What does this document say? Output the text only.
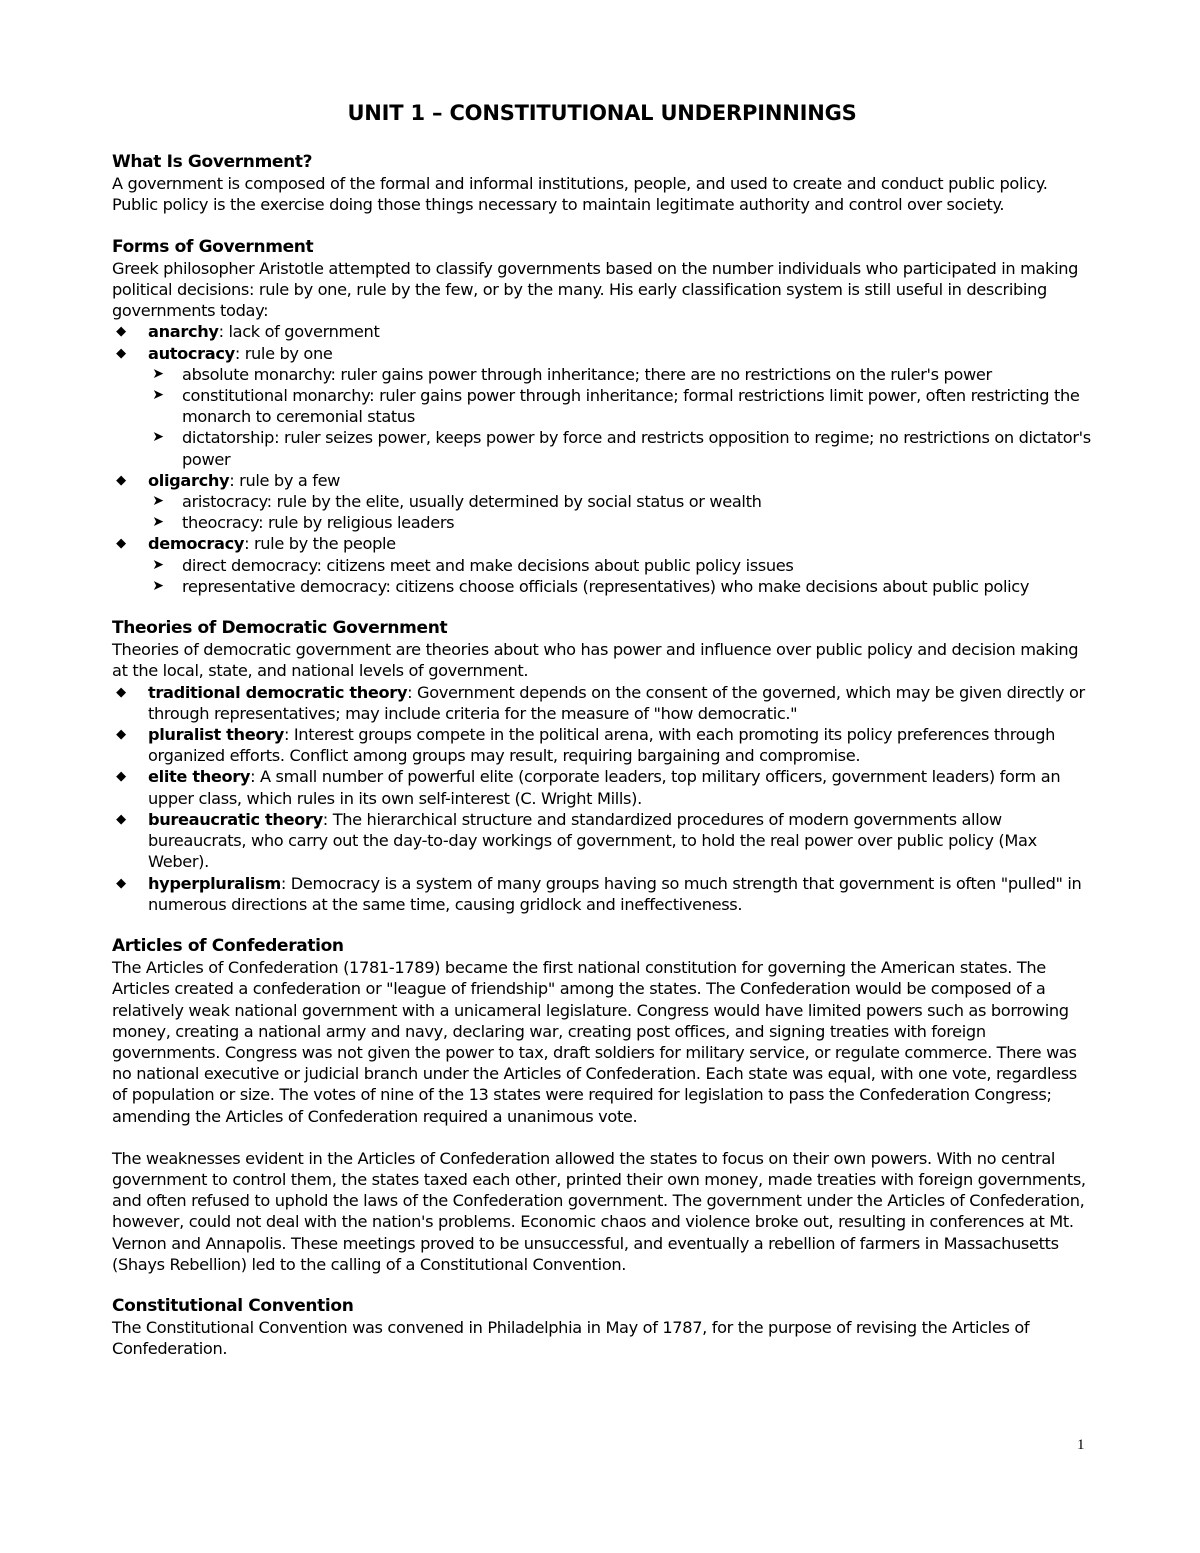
UNIT 1 – CONSTITUTIONAL UNDERPINNINGS

What Is Government?

A government is composed of the formal and informal institutions, people, and used to create and conduct public policy.

Public policy is the exercise doing those things necessary to maintain legitimate authority and control over society.

Forms of Government

Greek philosopher Aristotle attempted to classify governments based on the number individuals who participated in making political decisions: rule by one, rule by the few, or by the many. His early classification system is still useful in describing governments today:

◆ anarchy: lack of government
◆ autocracy: rule by one
➤ absolute monarchy: ruler gains power through inheritance; there are no restrictions on the ruler's power
➤ constitutional monarchy: ruler gains power through inheritance; formal restrictions limit power, often restricting the monarch to ceremonial status
➤ dictatorship: ruler seizes power, keeps power by force and restricts opposition to regime; no restrictions on dictator's power
◆ oligarchy: rule by a few
➤ aristocracy: rule by the elite, usually determined by social status or wealth
➤ theocracy: rule by religious leaders
◆ democracy: rule by the people
➤ direct democracy: citizens meet and make decisions about public policy issues
➤ representative democracy: citizens choose officials (representatives) who make decisions about public policy

Theories of Democratic Government

Theories of democratic government are theories about who has power and influence over public policy and decision making at the local, state, and national levels of government.

◆ traditional democratic theory: Government depends on the consent of the governed, which may be given directly or through representatives; may include criteria for the measure of "how democratic."
◆ pluralist theory: Interest groups compete in the political arena, with each promoting its policy preferences through organized efforts. Conflict among groups may result, requiring bargaining and compromise.
◆ elite theory: A small number of powerful elite (corporate leaders, top military officers, government leaders) form an upper class, which rules in its own self-interest (C. Wright Mills).
◆ bureaucratic theory: The hierarchical structure and standardized procedures of modern governments allow bureaucrats, who carry out the day-to-day workings of government, to hold the real power over public policy (Max Weber).
◆ hyperpluralism: Democracy is a system of many groups having so much strength that government is often "pulled" in numerous directions at the same time, causing gridlock and ineffectiveness.

Articles of Confederation

The Articles of Confederation (1781-1789) became the first national constitution for governing the American states. The Articles created a confederation or "league of friendship" among the states. The Confederation would be composed of a relatively weak national government with a unicameral legislature. Congress would have limited powers such as borrowing money, creating a national army and navy, declaring war, creating post offices, and signing treaties with foreign governments. Congress was not given the power to tax, draft soldiers for military service, or regulate commerce. There was no national executive or judicial branch under the Articles of Confederation. Each state was equal, with one vote, regardless of population or size. The votes of nine of the 13 states were required for legislation to pass the Confederation Congress; amending the Articles of Confederation required a unanimous vote.

The weaknesses evident in the Articles of Confederation allowed the states to focus on their own powers. With no central government to control them, the states taxed each other, printed their own money, made treaties with foreign governments, and often refused to uphold the laws of the Confederation government. The government under the Articles of Confederation, however, could not deal with the nation's problems. Economic chaos and violence broke out, resulting in conferences at Mt. Vernon and Annapolis. These meetings proved to be unsuccessful, and eventually a rebellion of farmers in Massachusetts (Shays Rebellion) led to the calling of a Constitutional Convention.

Constitutional Convention

The Constitutional Convention was convened in Philadelphia in May of 1787, for the purpose of revising the Articles of Confederation.

1
